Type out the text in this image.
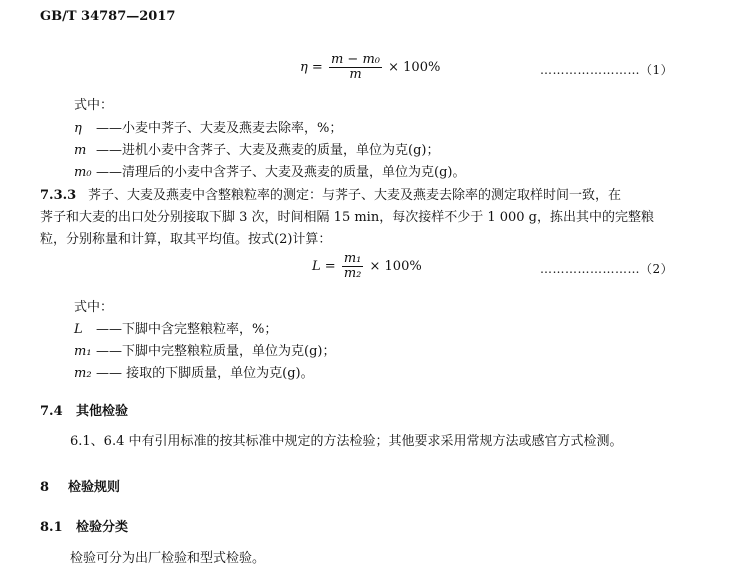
GB/T 34787—2017
$\eta = \frac{\text{m − m₀}}{m} \times 100\%$	……………………（1）
式中：
η ——小麦中荠子、大麦及燕麦去除率，%；
m ——进机小麦中含荠子、大麦及燕麦的质量，单位为克(g)；
m₀ ——清理后的小麦中含荠子、大麦及燕麦的质量，单位为克(g)。
7.3.3 荠子、大麦及燕麦中含整粮粒率的测定：与荠子、大麦及燕麦去除率的测定取样时间一致，在
荠子和大麦的出口处分别接取下脚 3 次，时间相隔 15 min，每次接样不少于 1 000 g，拣出其中的完整粮
粒，分别称量和计算，取其平均值。按式(2)计算：
$L = \frac{\text{m₁}}{\text{m₂}} \times 100\%$	……………………（2）
式中：
L ——下脚中含完整粮粒率，%；
m₁ ——下脚中完整粮粒质量，单位为克(g)；
m₂ —— 接取的下脚质量，单位为克(g)。
7.4 其他检验
6.1、6.4 中有引用标准的按其标准中规定的方法检验；其他要求采用常规方法或感官方式检测。
8 检验规则
8.1 检验分类
检验可分为出厂检验和型式检验。
